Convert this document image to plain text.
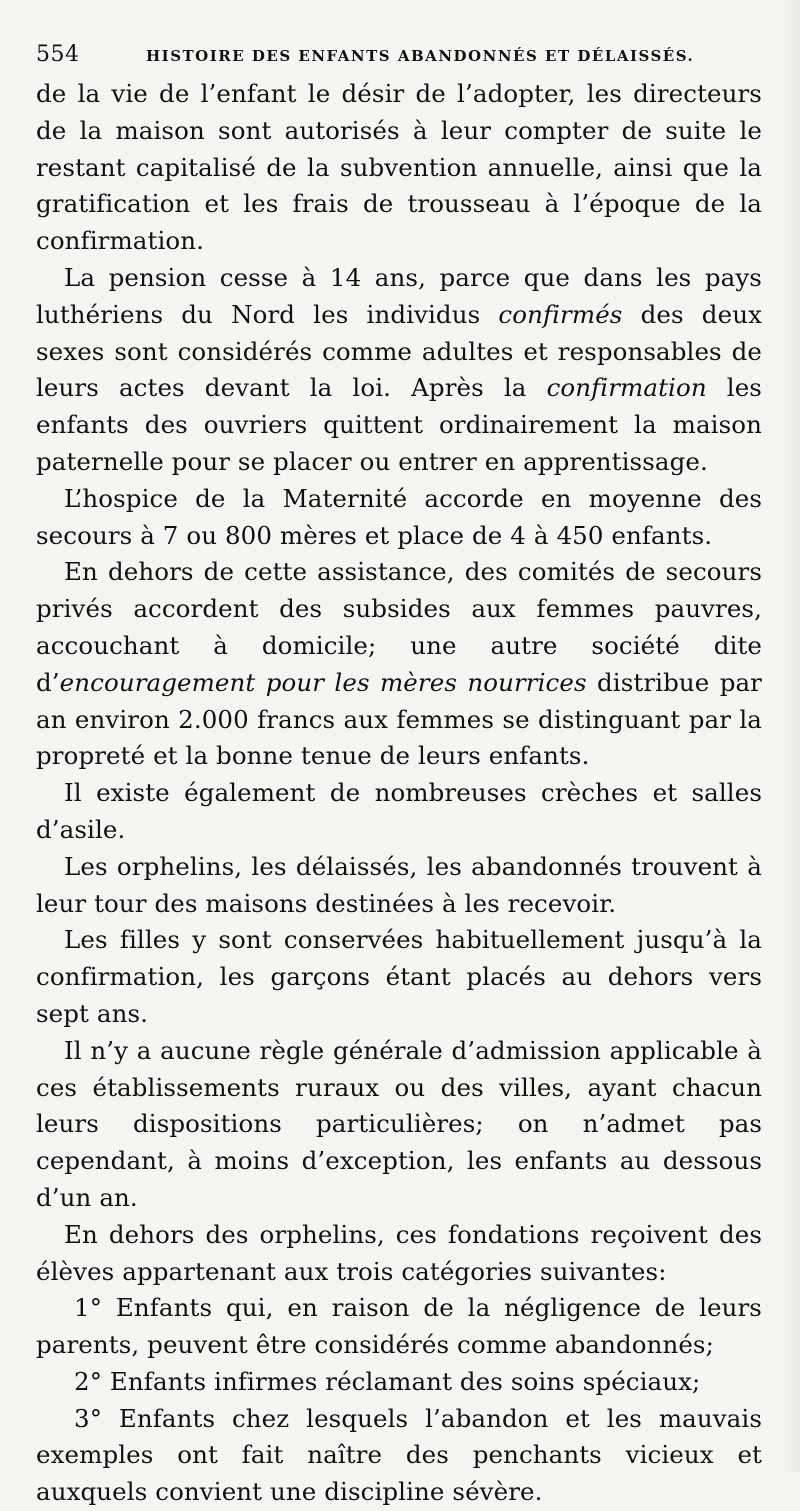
554	HISTOIRE DES ENFANTS ABANDONNÉS ET DÉLAISSÉS.

de la vie de l’enfant le désir de l’adopter, les directeurs de la maison sont autorisés à leur compter de suite le restant capitalisé de la subvention annuelle, ainsi que la gratification et les frais de trousseau à l’époque de la confirmation.

La pension cesse à 14 ans, parce que dans les pays luthériens du Nord les individus confirmés des deux sexes sont considérés comme adultes et responsables de leurs actes devant la loi. Après la confirmation les enfants des ouvriers quittent ordinairement la maison paternelle pour se placer ou entrer en apprentissage.

L’hospice de la Maternité accorde en moyenne des secours à 7 ou 800 mères et place de 4 à 450 enfants.

En dehors de cette assistance, des comités de secours privés accordent des subsides aux femmes pauvres, accouchant à domicile; une autre société dite d’encouragement pour les mères nourrices distribue par an environ 2.000 francs aux femmes se distinguant par la propreté et la bonne tenue de leurs enfants.

Il existe également de nombreuses crèches et salles d’asile.

Les orphelins, les délaissés, les abandonnés trouvent à leur tour des maisons destinées à les recevoir.

Les filles y sont conservées habituellement jusqu’à la confirmation, les garçons étant placés au dehors vers sept ans.

Il n’y a aucune règle générale d’admission applicable à ces établissements ruraux ou des villes, ayant chacun leurs dispositions particulières; on n’admet pas cependant, à moins d’exception, les enfants au dessous d’un an.

En dehors des orphelins, ces fondations reçoivent des élèves appartenant aux trois catégories suivantes:

1° Enfants qui, en raison de la négligence de leurs parents, peuvent être considérés comme abandonnés;

2° Enfants infirmes réclamant des soins spéciaux;

3° Enfants chez lesquels l’abandon et les mauvais exemples ont fait naître des penchants vicieux et auxquels convient une discipline sévère.
